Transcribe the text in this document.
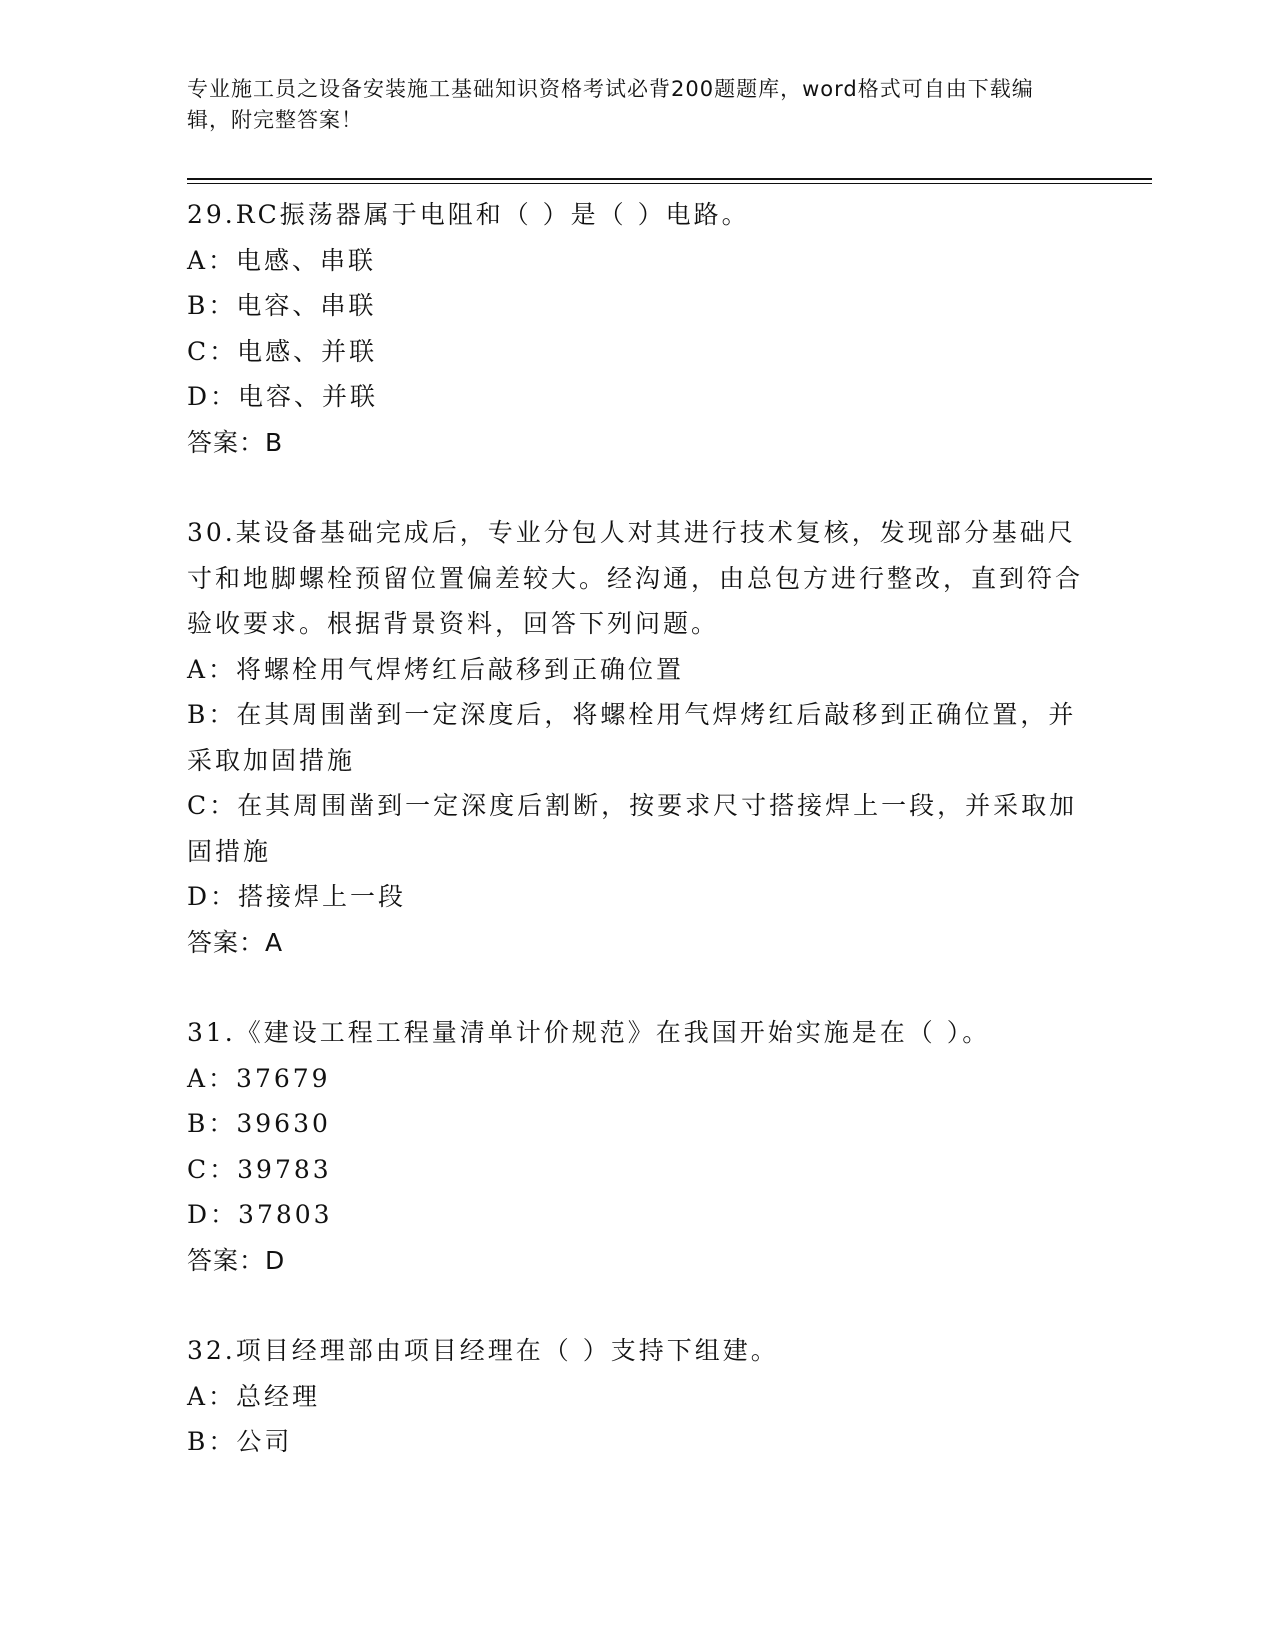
专业施工员之设备安装施工基础知识资格考试必背200题题库，word格式可自由下载编辑，附完整答案！

29.RC振荡器属于电阻和（ ）是（ ）电路。

A：电感、串联

B：电容、串联

C：电感、并联

D：电容、并联

答案：B

30.某设备基础完成后，专业分包人对其进行技术复核，发现部分基础尺寸和地脚螺栓预留位置偏差较大。经沟通，由总包方进行整改，直到符合验收要求。根据背景资料，回答下列问题。

A：将螺栓用气焊烤红后敲移到正确位置

B：在其周围凿到一定深度后，将螺栓用气焊烤红后敲移到正确位置，并采取加固措施

C：在其周围凿到一定深度后割断，按要求尺寸搭接焊上一段，并采取加固措施

D：搭接焊上一段

答案：A

31.《建设工程工程量清单计价规范》在我国开始实施是在（ ）。

A：37679

B：39630

C：39783

D：37803

答案：D

32.项目经理部由项目经理在（ ）支持下组建。

A：总经理

B：公司
